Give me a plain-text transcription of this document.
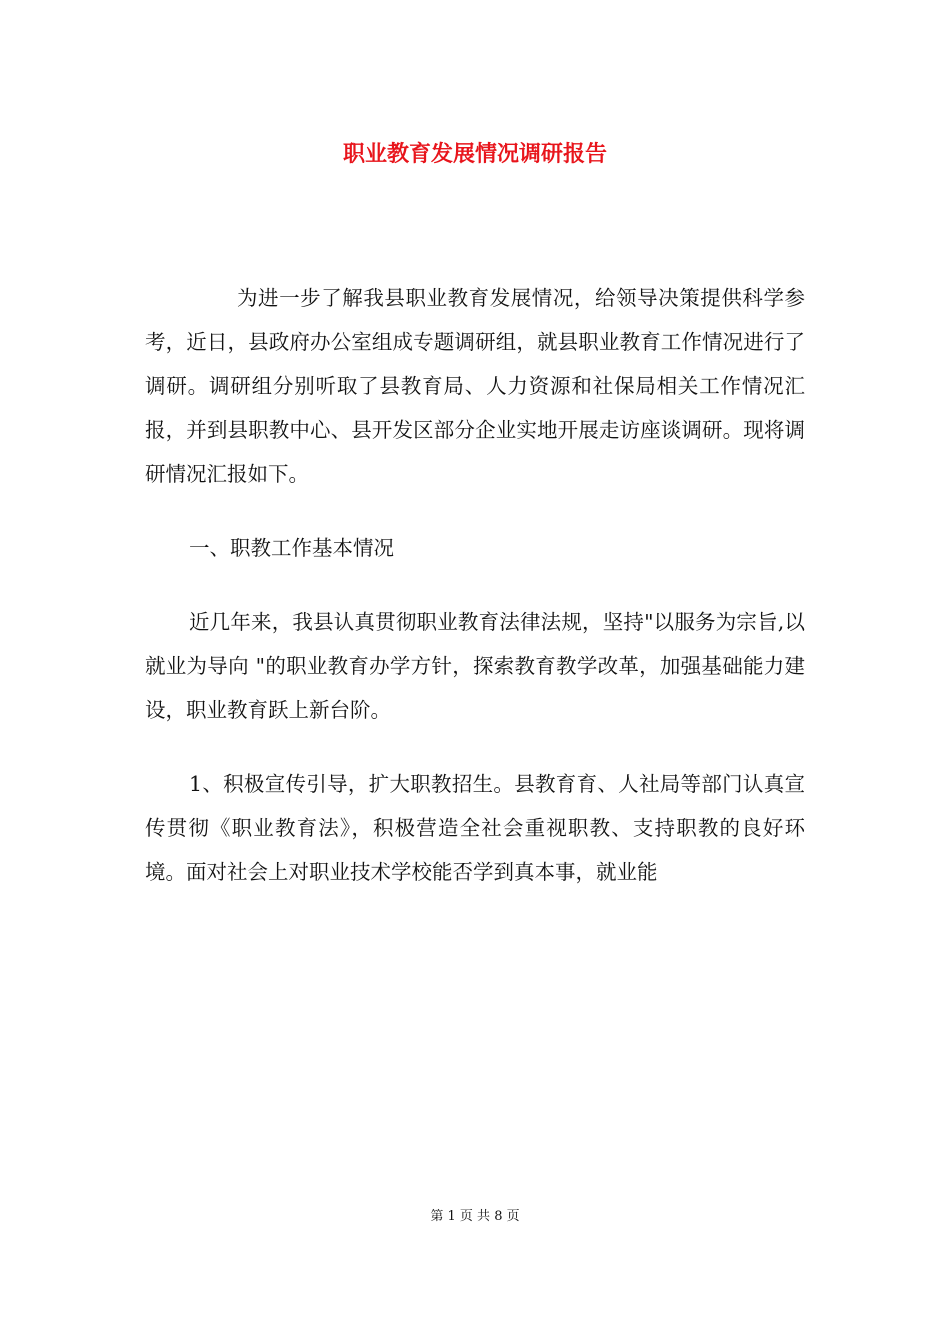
职业教育发展情况调研报告

为进一步了解我县职业教育发展情况，给领导决策提供科学参考，近日，县政府办公室组成专题调研组，就县职业教育工作情况进行了调研。调研组分别听取了县教育局、人力资源和社保局相关工作情况汇报，并到县职教中心、县开发区部分企业实地开展走访座谈调研。现将调研情况汇报如下。

一、职教工作基本情况

近几年来，我县认真贯彻职业教育法律法规，坚持"以服务为宗旨,以就业为导向 "的职业教育办学方针，探索教育教学改革，加强基础能力建设，职业教育跃上新台阶。

1、积极宣传引导，扩大职教招生。县教育育、人社局等部门认真宣传贯彻《职业教育法》，积极营造全社会重视职教、支持职教的良好环境。面对社会上对职业技术学校能否学到真本事，就业能

第 1 页 共 8 页
